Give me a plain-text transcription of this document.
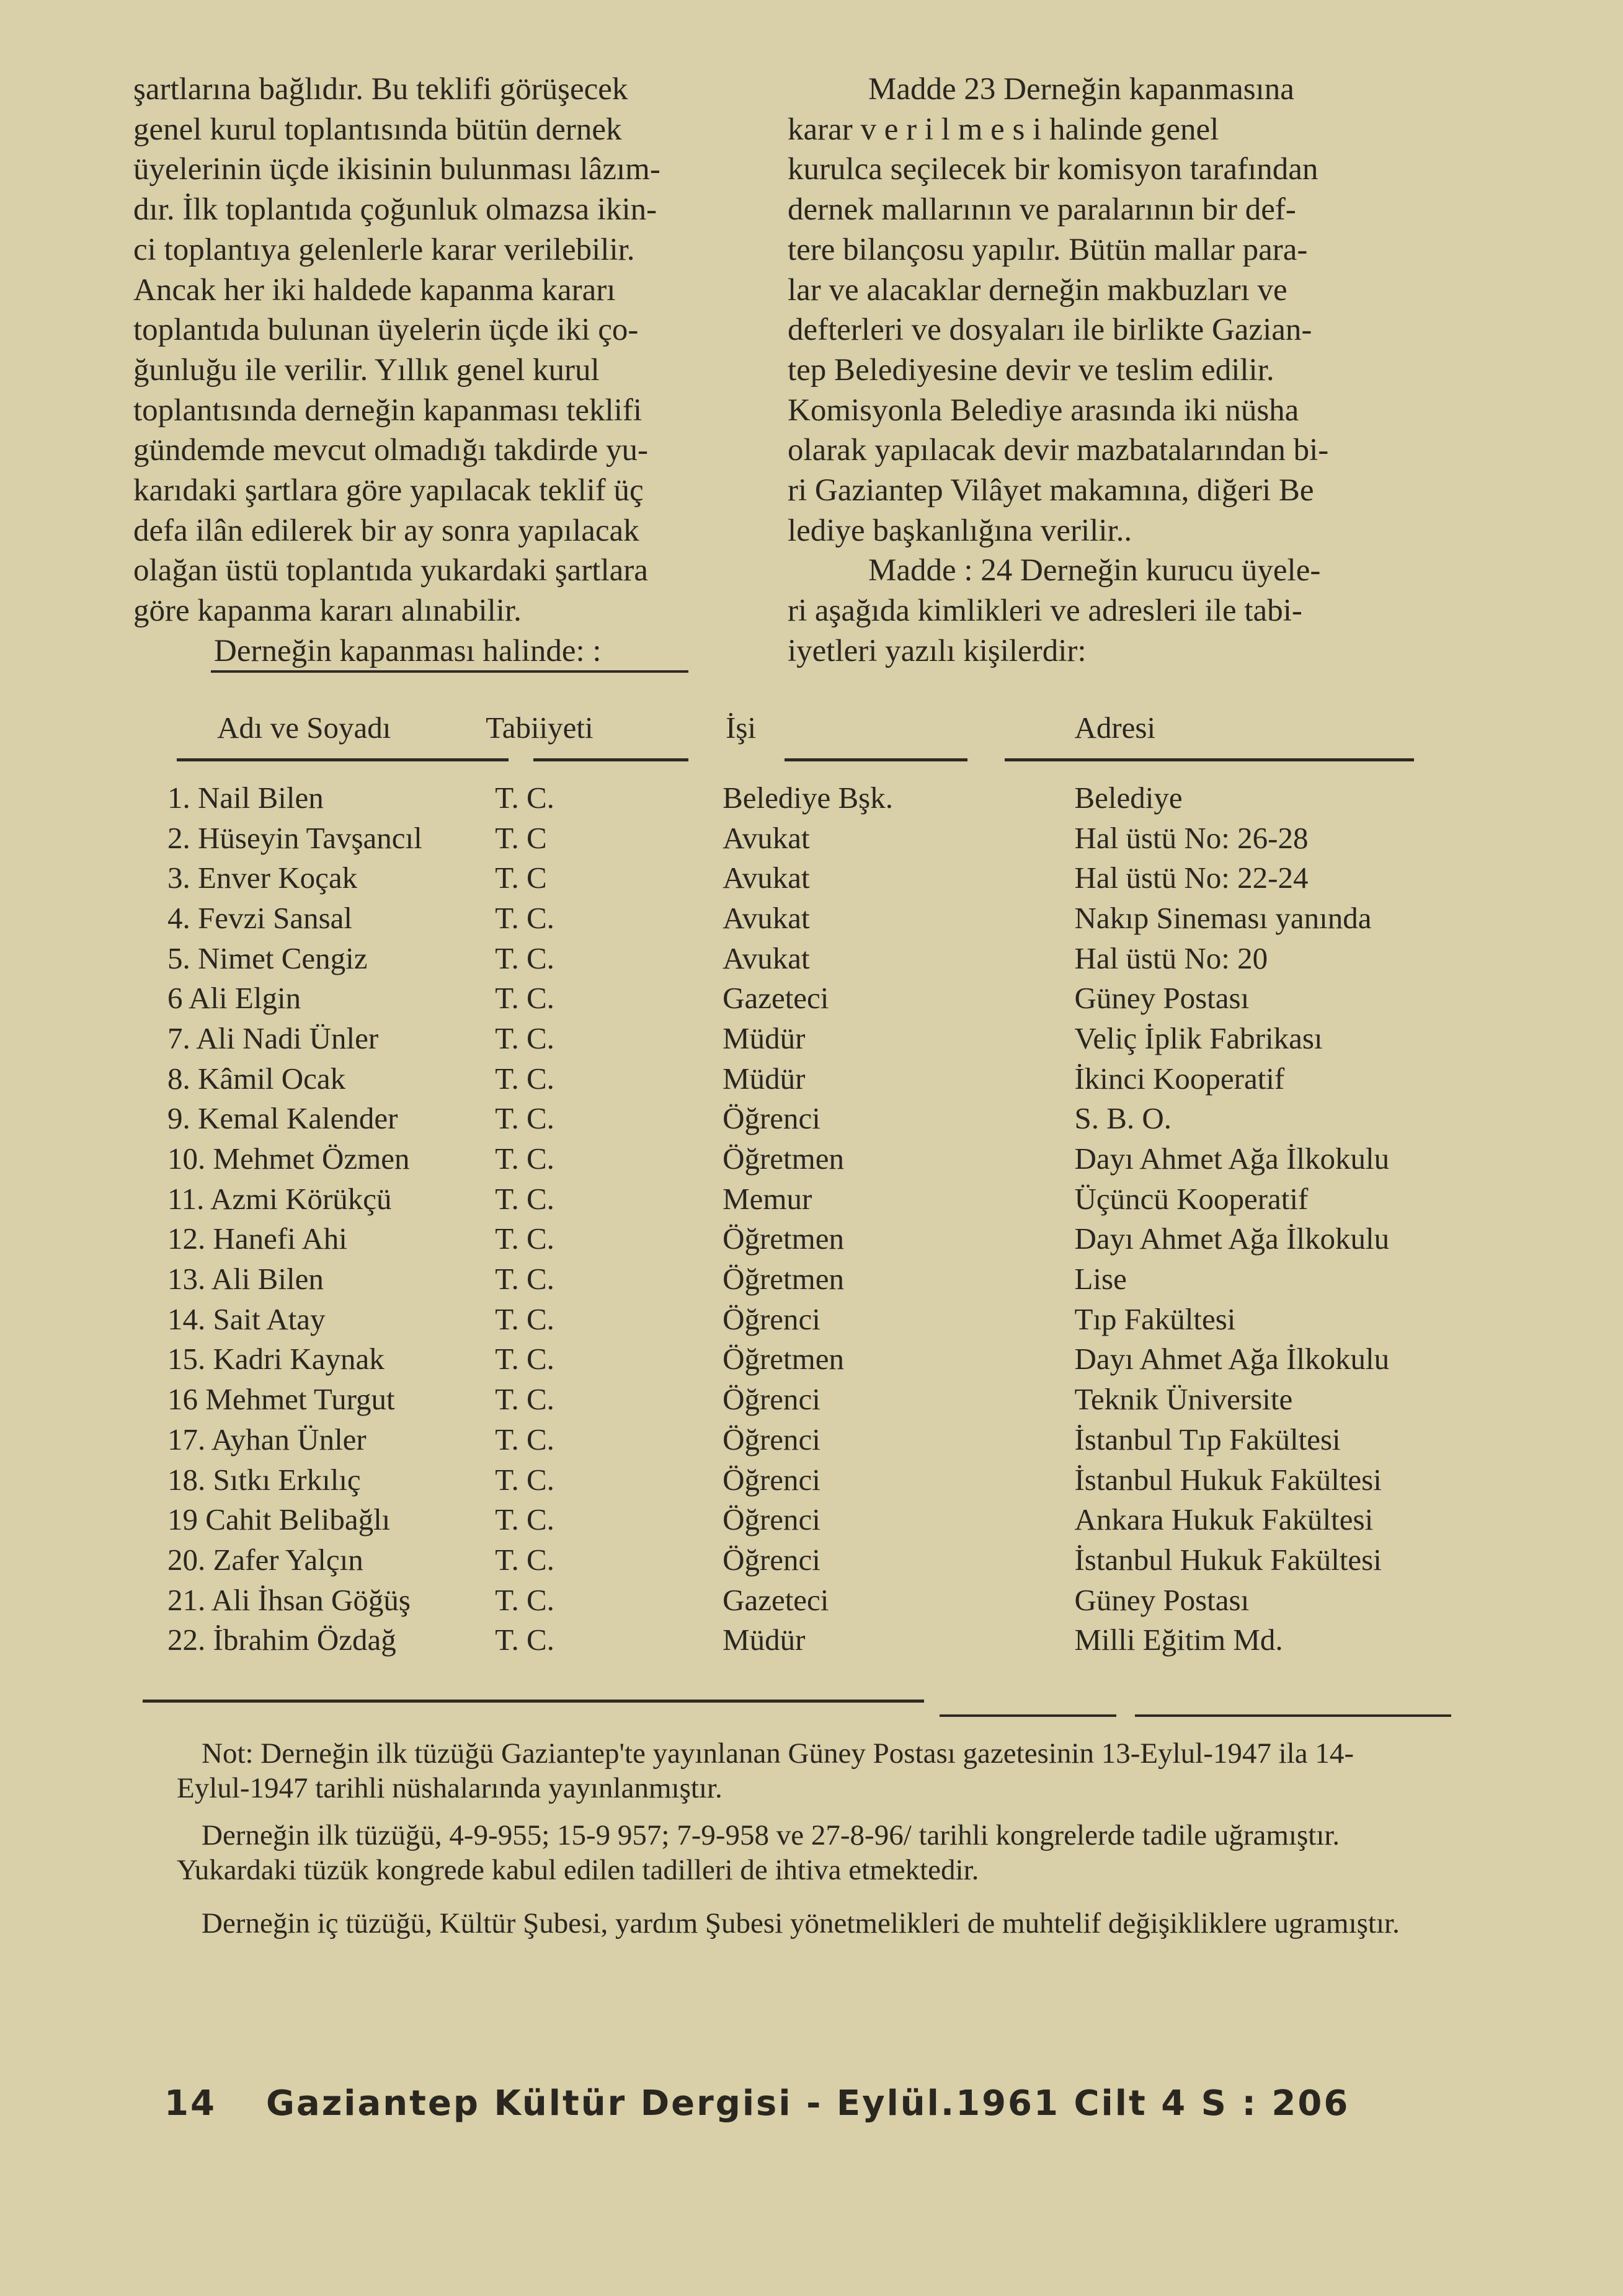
şartlarına bağlıdır. Bu teklifi görüşecek
genel kurul toplantısında bütün dernek
üyelerinin üçde ikisinin bulunması lâzım-
dır. İlk toplantıda çoğunluk olmazsa ikin-
ci toplantıya gelenlerle karar verilebilir.
Ancak her iki haldede kapanma kararı
toplantıda bulunan üyelerin üçde iki ço-
ğunluğu ile verilir. Yıllık genel kurul
toplantısında derneğin kapanması teklifi
gündemde mevcut olmadığı takdirde yu-
karıdaki şartlara göre yapılacak teklif üç
defa ilân edilerek bir ay sonra yapılacak
olağan üstü toplantıda yukardaki şartlara
göre kapanma kararı alınabilir.
Derneğin kapanması halinde: :
Madde 23 Derneğin kapanmasına
karar v e r i l m e s i halinde genel
kurulca seçilecek bir komisyon tarafından
dernek mallarının ve paralarının bir def-
tere bilançosu yapılır. Bütün mallar para-
lar ve alacaklar derneğin makbuzları ve
defterleri ve dosyaları ile birlikte Gazian-
tep Belediyesine devir ve teslim edilir.
Komisyonla Belediye arasında iki nüsha
olarak yapılacak devir mazbatalarından bi-
ri Gaziantep Vilâyet makamına, diğeri Be
lediye başkanlığına verilir..
Madde : 24 Derneğin kurucu üyele-
ri aşağıda kimlikleri ve adresleri ile tabi-
iyetleri yazılı kişilerdir:
Adı ve Soyadı	Tabiiyeti	İşi	Adresi

1. Nail Bilen	T. C.	Belediye Bşk.	Belediye
2. Hüseyin Tavşancıl	T. C	Avukat	Hal üstü No: 26-28
3. Enver Koçak	T. C	Avukat	Hal üstü No: 22-24
4. Fevzi Sansal	T. C.	Avukat	Nakıp Sineması yanında
5. Nimet Cengiz	T. C.	Avukat	Hal üstü No: 20
6 Ali Elgin	T. C.	Gazeteci	Güney Postası
7. Ali Nadi Ünler	T. C.	Müdür	Veliç İplik Fabrikası
8. Kâmil Ocak	T. C.	Müdür	İkinci Kooperatif
9. Kemal Kalender	T. C.	Öğrenci	S. B. O.
10. Mehmet Özmen	T. C.	Öğretmen	Dayı Ahmet Ağa İlkokulu
11. Azmi Körükçü	T. C.	Memur	Üçüncü Kooperatif
12. Hanefi Ahi	T. C.	Öğretmen	Dayı Ahmet Ağa İlkokulu
13. Ali Bilen	T. C.	Öğretmen	Lise
14. Sait Atay	T. C.	Öğrenci	Tıp Fakültesi
15. Kadri Kaynak	T. C.	Öğretmen	Dayı Ahmet Ağa İlkokulu
16 Mehmet Turgut	T. C.	Öğrenci	Teknik Üniversite
17. Ayhan Ünler	T. C.	Öğrenci	İstanbul Tıp Fakültesi
18. Sıtkı Erkılıç	T. C.	Öğrenci	İstanbul Hukuk Fakültesi
19 Cahit Belibağlı	T. C.	Öğrenci	Ankara Hukuk Fakültesi
20. Zafer Yalçın	T. C.	Öğrenci	İstanbul Hukuk Fakültesi
21. Ali İhsan Göğüş	T. C.	Gazeteci	Güney Postası
22. İbrahim Özdağ	T. C.	Müdür	Milli Eğitim Md.

Not: Derneğin ilk tüzüğü Gaziantep'te yayınlanan Güney Postası gazetesinin 13-Eylul-1947 ila 14-Eylul-1947 tarihli nüshalarında yayınlanmıştır.

Derneğin ilk tüzüğü, 4-9-955; 15-9 957; 7-9-958 ve 27-8-96/ tarihli kongrelerde tadile uğramıştır. Yukardaki tüzük kongrede kabul edilen tadilleri de ihtiva etmektedir.

Derneğin iç tüzüğü, Kültür Şubesi, yardım Şubesi yönetmelikleri de muhtelif değişikliklere ugramıştır.

14 Gaziantep Kültür Dergisi - Eylül.1961 Cilt 4 S : 206
